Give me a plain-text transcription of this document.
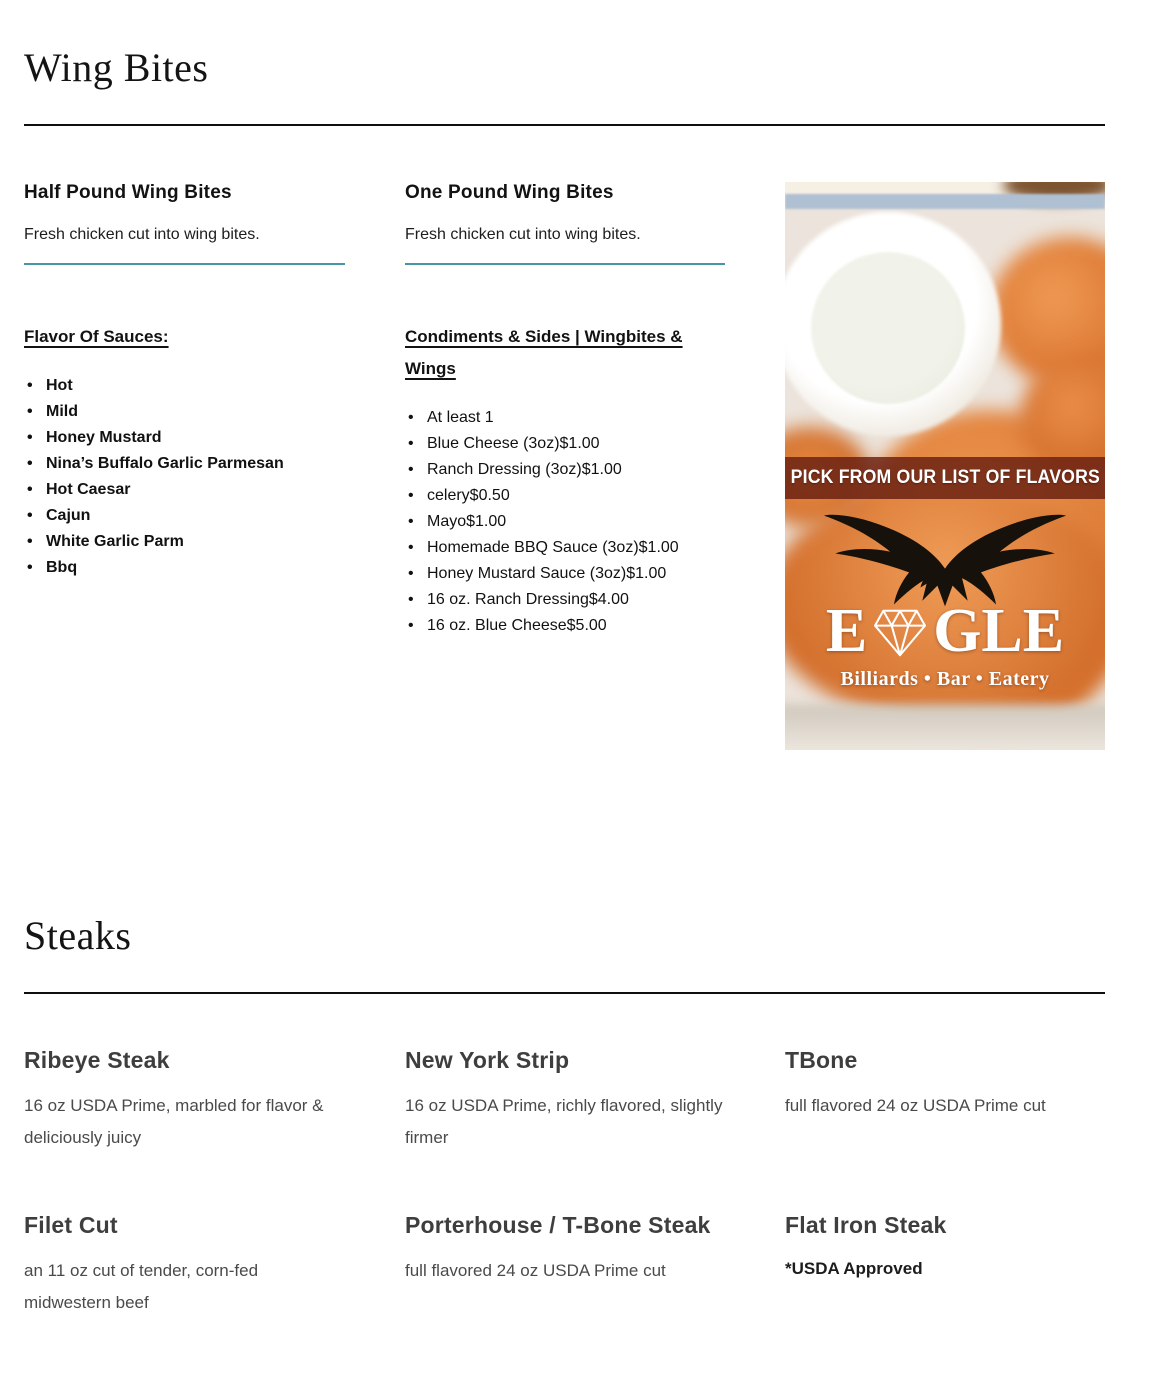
Wing Bites
Half Pound Wing Bites

Fresh chicken cut into wing bites.

Flavor Of Sauces:
• Hot
• Mild
• Honey Mustard
• Nina’s Buffalo Garlic Parmesan
• Hot Caesar
• Cajun
• White Garlic Parm
• Bbq
One Pound Wing Bites

Fresh chicken cut into wing bites.

Condiments & Sides | Wingbites & Wings
• At least 1
• Blue Cheese (3oz)$1.00
• Ranch Dressing (3oz)$1.00
• celery$0.50
• Mayo$1.00
• Homemade BBQ Sauce (3oz)$1.00
• Honey Mustard Sauce (3oz)$1.00
• 16 oz. Ranch Dressing$4.00
• 16 oz. Blue Cheese$5.00
PICK FROM OUR LIST OF FLAVORS
E GLE
Billiards • Bar • Eatery
Steaks
Ribeye Steak

16 oz USDA Prime, marbled for flavor & deliciously juicy

New York Strip

16 oz USDA Prime, richly flavored, slightly firmer

TBone

full flavored 24 oz USDA Prime cut

Filet Cut

an 11 oz cut of tender, corn-fed midwestern beef

Porterhouse / T-Bone Steak

full flavored 24 oz USDA Prime cut

Flat Iron Steak

*USDA Approved
